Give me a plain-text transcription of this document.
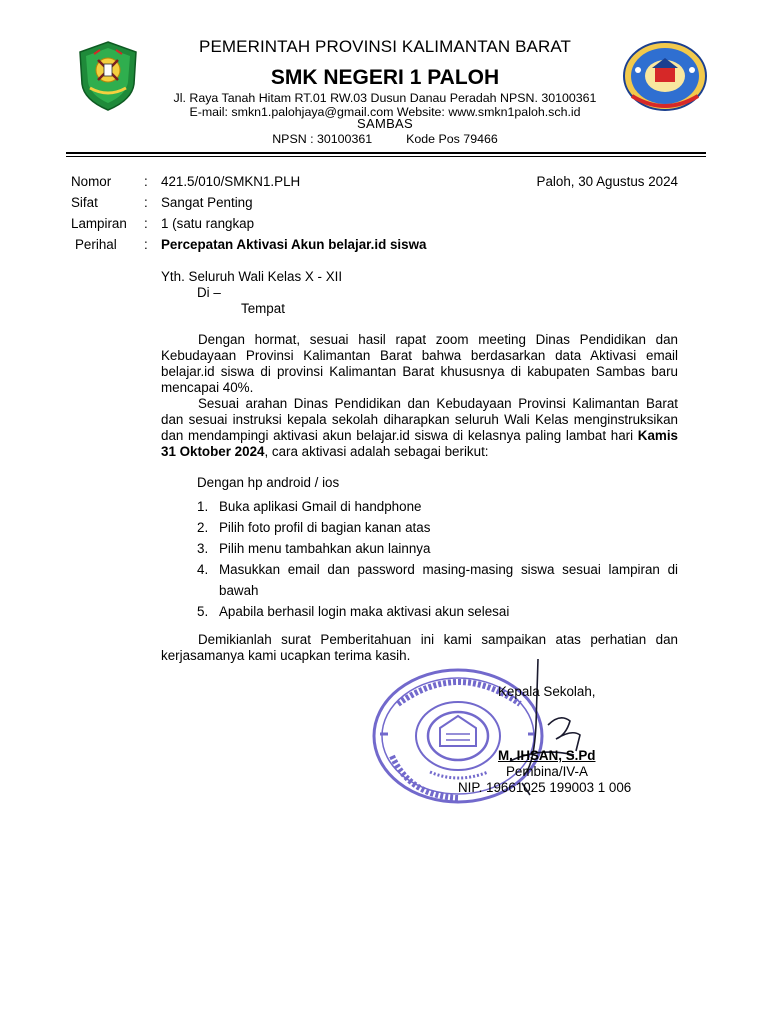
PEMERINTAH PROVINSI KALIMANTAN BARAT
SMK NEGERI 1 PALOH
Jl. Raya Tanah Hitam RT.01 RW.03 Dusun Danau Peradah NPSN. 30100361
E-mail: smkn1.palohjaya@gmail.com Website: www.smkn1paloh.sch.id
SAMBAS
NPSN : 30100361	Kode Pos 79466
Nomor : 421.5/010/SMKN1.PLH
Sifat	: Sangat Penting
Lampiran : 1 (satu rangkap
Perihal : Percepatan Aktivasi Akun belajar.id siswa
Paloh, 30 Agustus 2024
Yth. Seluruh Wali Kelas X - XII
Di –
Tempat

Dengan hormat, sesuai hasil rapat zoom meeting Dinas Pendidikan dan Kebudayaan Provinsi Kalimantan Barat bahwa berdasarkan data Aktivasi email belajar.id siswa di provinsi Kalimantan Barat khususnya di kabupaten Sambas baru mencapai 40%.

Sesuai arahan Dinas Pendidikan dan Kebudayaan Provinsi Kalimantan Barat dan sesuai instruksi kepala sekolah diharapkan seluruh Wali Kelas menginstruksikan dan mendampingi aktivasi akun belajar.id siswa di kelasnya paling lambat hari Kamis 31 Oktober 2024, cara aktivasi adalah sebagai berikut:

Dengan hp android / ios
1. Buka aplikasi Gmail di handphone
2. Pilih foto profil di bagian kanan atas
3. Pilih menu tambahkan akun lainnya
4. Masukkan email dan password masing-masing siswa sesuai lampiran di bawah
5. Apabila berhasil login maka aktivasi akun selesai

Demikianlah surat Pemberitahuan ini kami sampaikan atas perhatian dan kerjasamanya kami ucapkan terima kasih.

Kepala Sekolah,
M. IHSAN, S.Pd
Pembina/IV-A
NIP. 19661025 199003 1 006
